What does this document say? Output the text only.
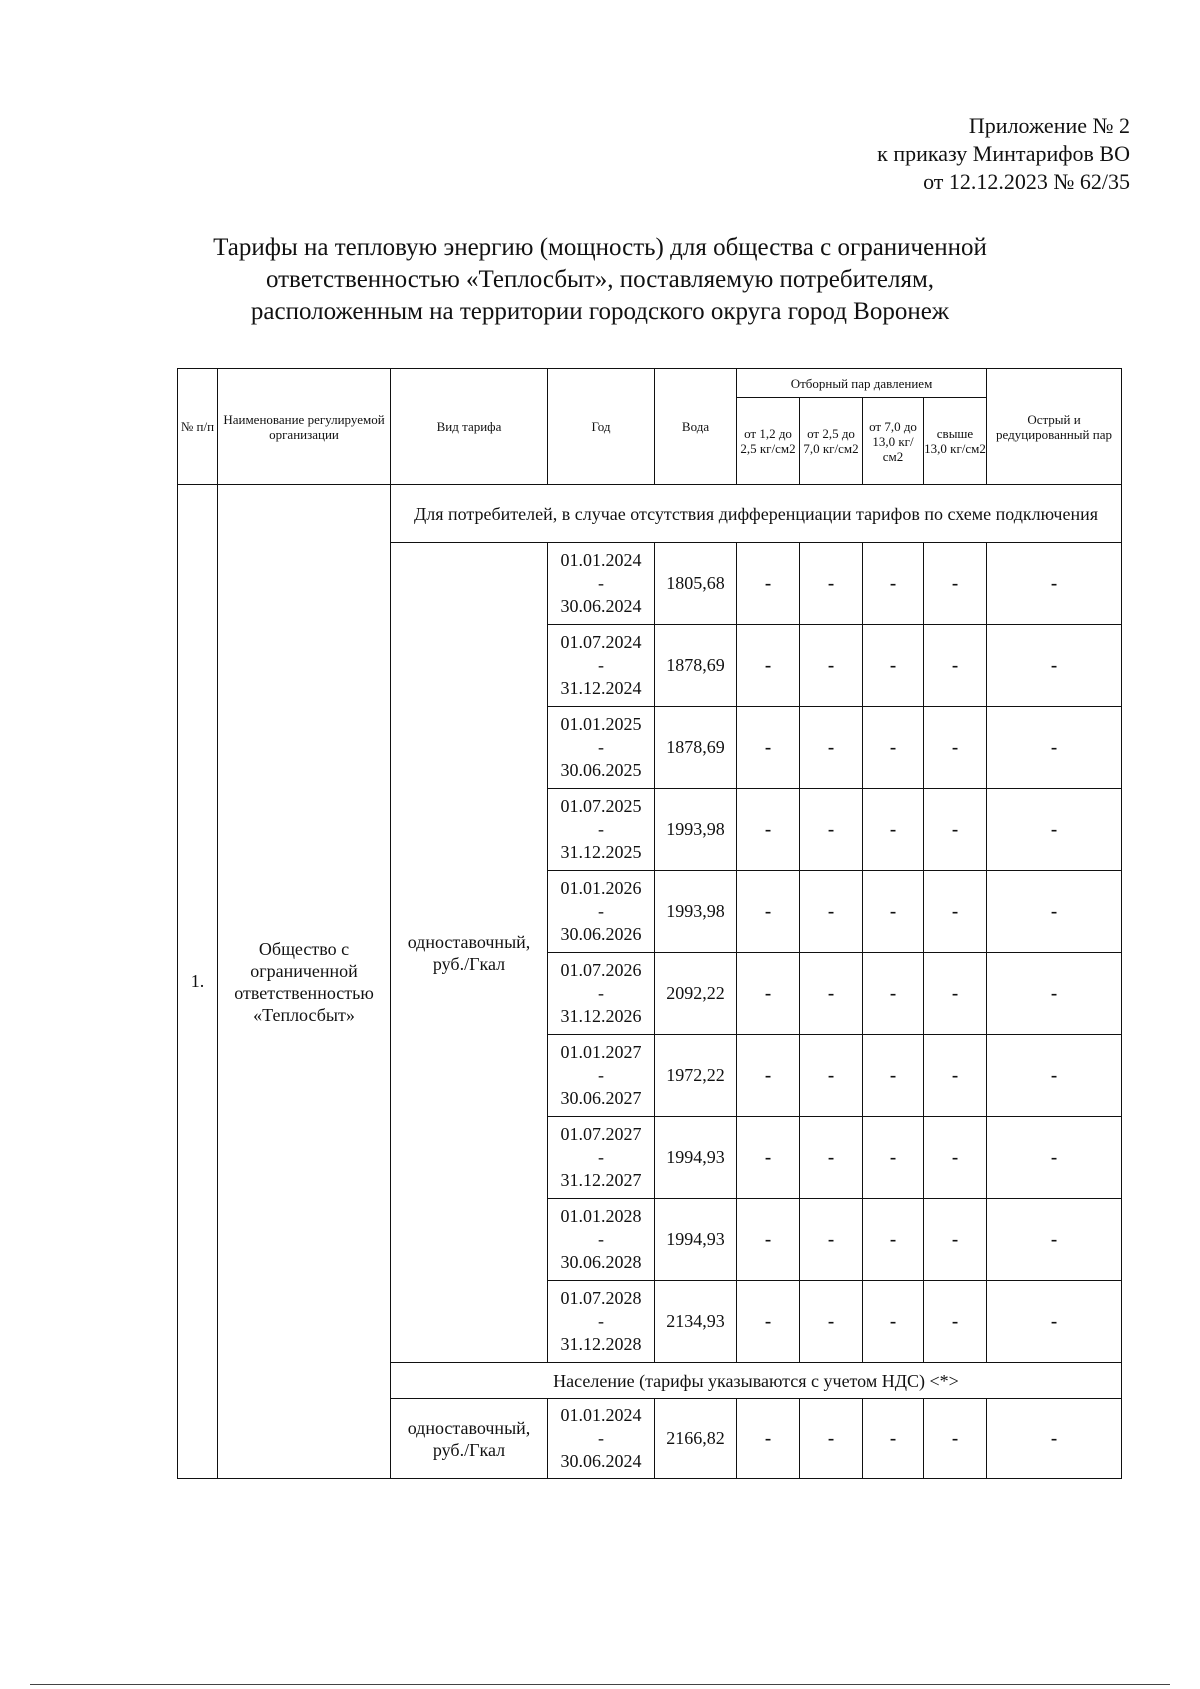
Приложение № 2
к приказу Минтарифов ВО
от 12.12.2023 № 62/35
Тарифы на тепловую энергию (мощность) для общества с ограниченной
ответственностью «Теплосбыт», поставляемую потребителям,
расположенным на территории городского округа город Воронеж
№ п/п	Наименование регулируемой организации	Вид тарифа	Год	Вода	Отборный пар давлением				Острый и редуцированный пар
					от 1,2 до 2,5 кг/см2	от 2,5 до 7,0 кг/см2	от 7,0 до 13,0 кг/см2	свыше 13,0 кг/см2	
1.	Общество с ограниченной ответственностью «Теплосбыт»	Для потребителей, в случае отсутствия дифференциации тарифов по схеме подключения							
		одноставочный, руб./Гкал	01.01.2024
-
30.06.2024	1805,68	-	-	-	-	-

			01.07.2024
-
31.12.2024	1878,69	-	-	-	-	-

			01.01.2025
-
30.06.2025	1878,69	-	-	-	-	-

			01.07.2025
-
31.12.2025	1993,98	-	-	-	-	-

			01.01.2026
-
30.06.2026	1993,98	-	-	-	-	-

			01.07.2026
-
31.12.2026	2092,22	-	-	-	-	-

			01.01.2027
-
30.06.2027	1972,22	-	-	-	-	-

			01.07.2027
-
31.12.2027	1994,93	-	-	-	-	-

			01.01.2028
-
30.06.2028	1994,93	-	-	-	-	-

			01.07.2028
-
31.12.2028	2134,93	-	-	-	-	-
		Население (тарифы указываются с учетом НДС) <*>							
		одноставочный, руб./Гкал	01.01.2024
-
30.06.2024	2166,82	-	-	-	-	-
